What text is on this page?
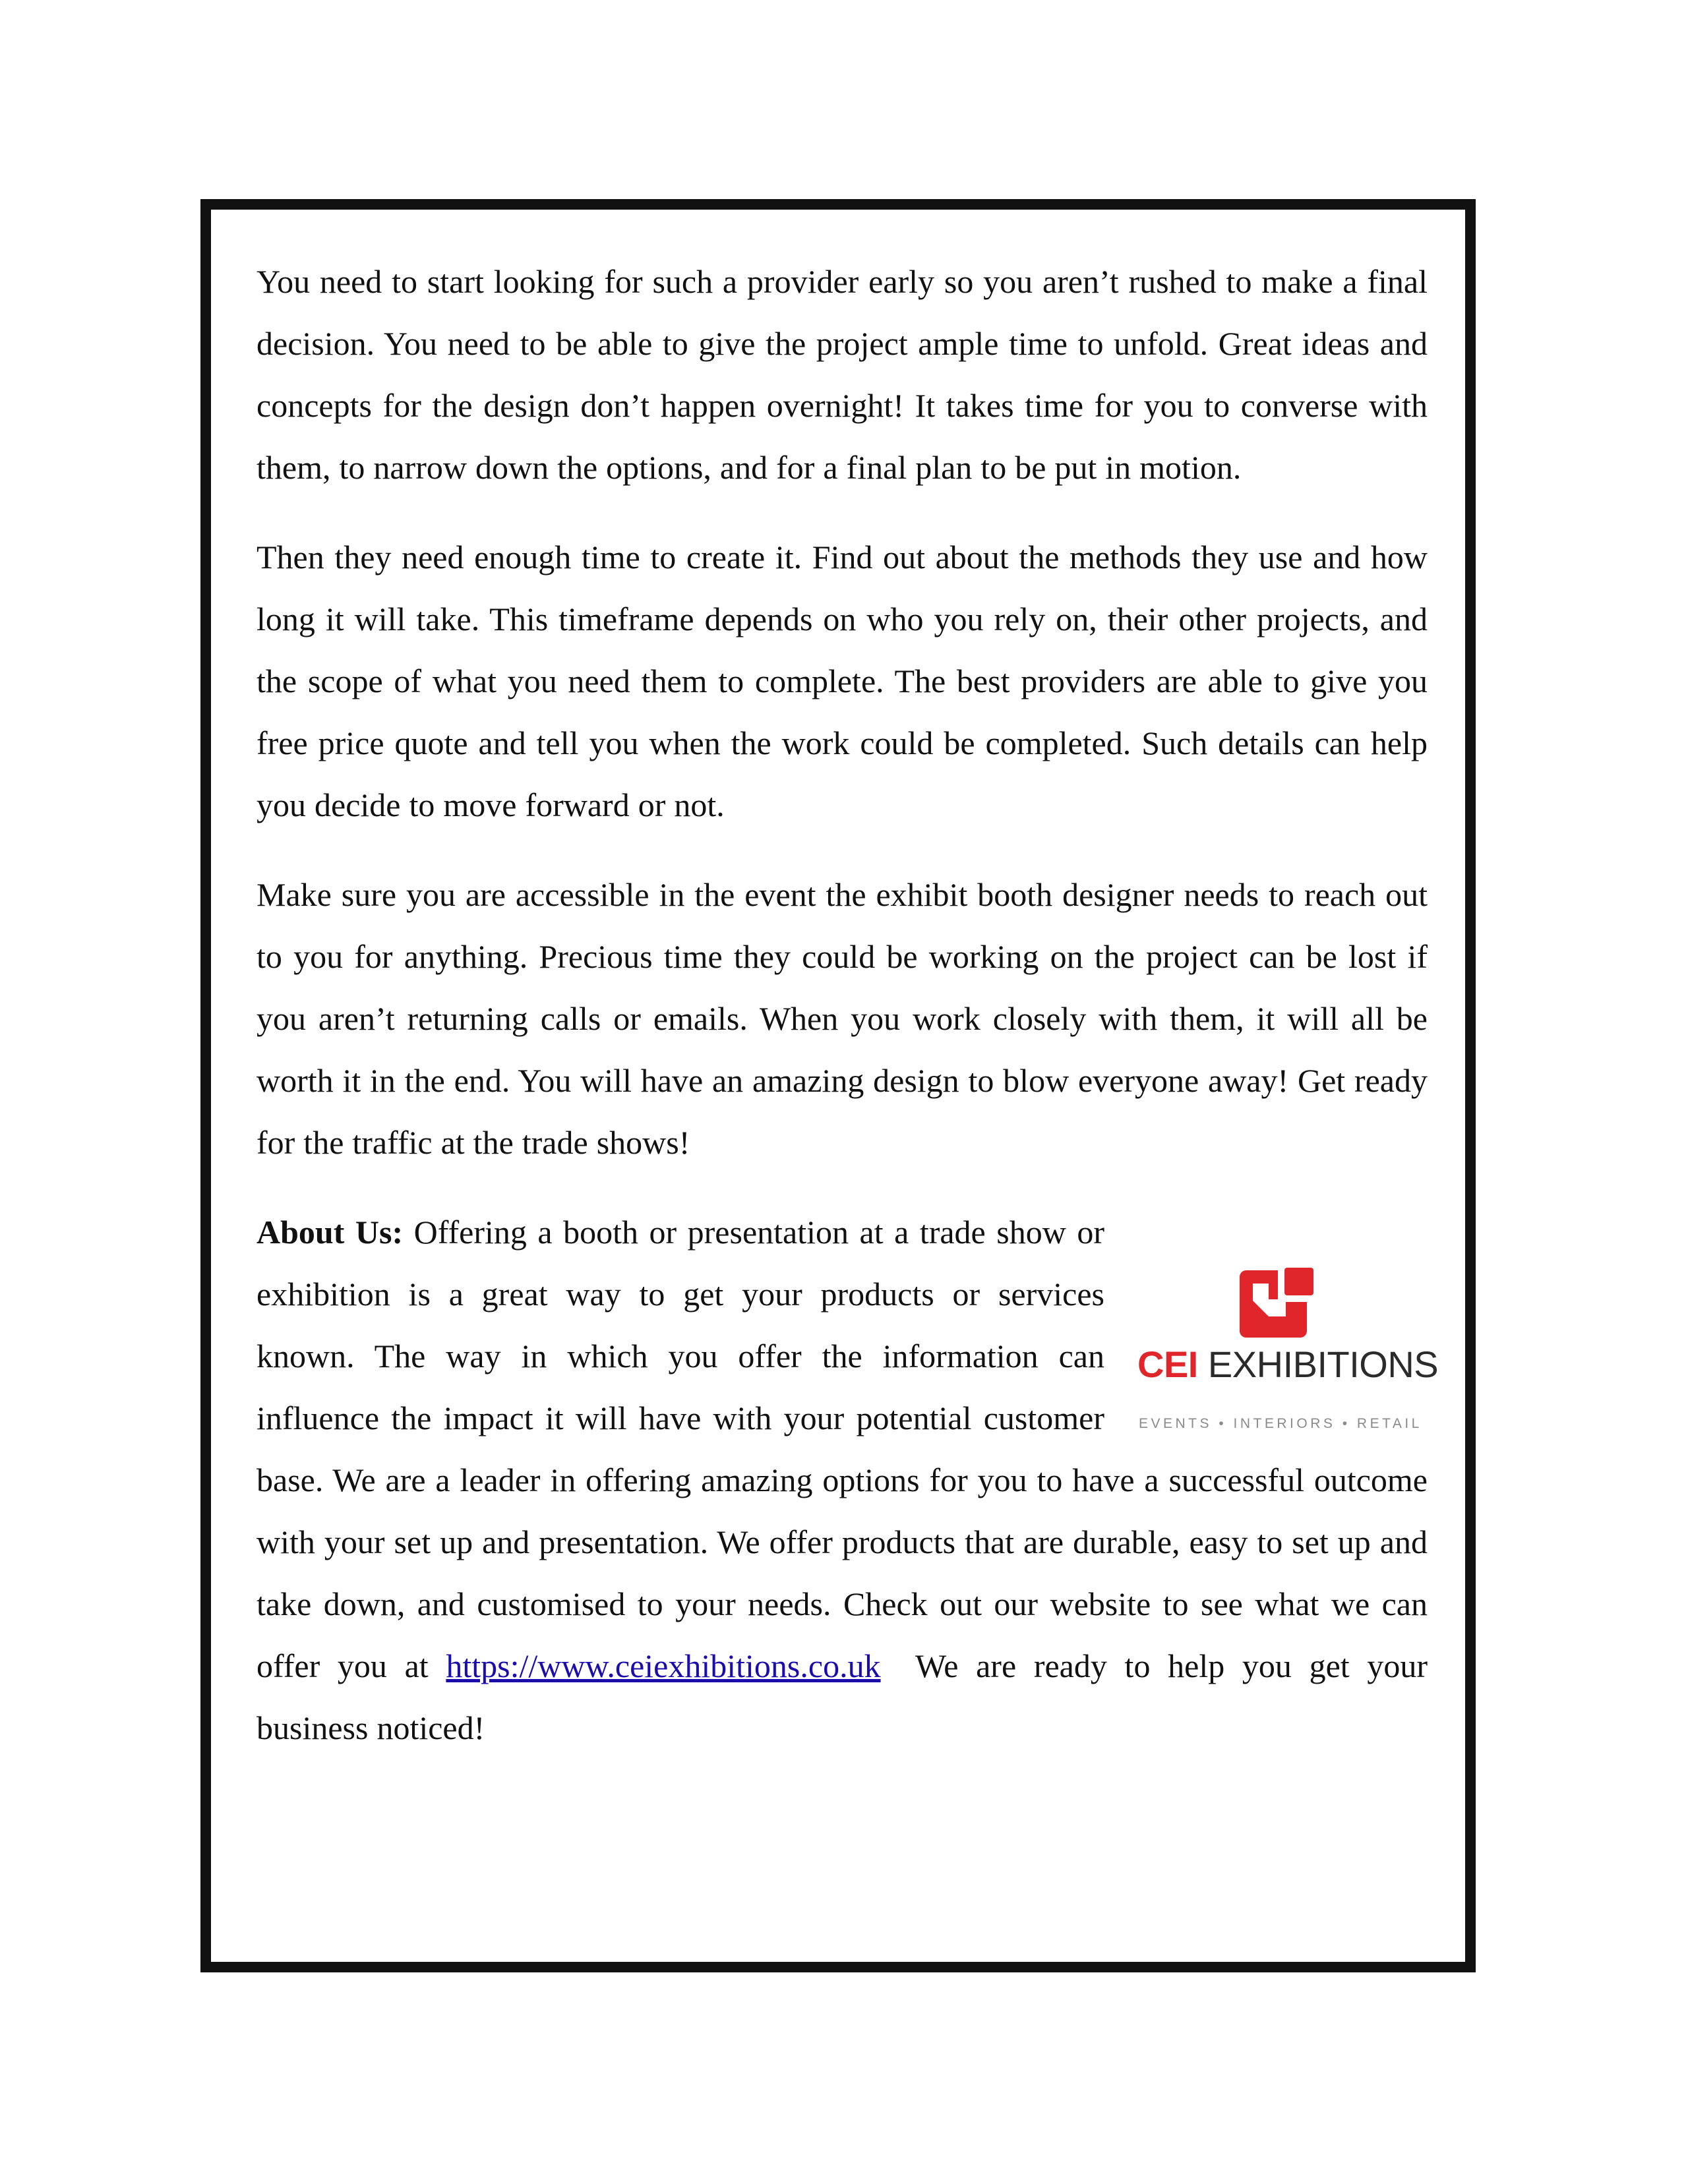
You need to start looking for such a provider early so you aren’t rushed to make a final decision. You need to be able to give the project ample time to unfold. Great ideas and concepts for the design don’t happen overnight! It takes time for you to converse with them, to narrow down the options, and for a final plan to be put in motion.

Then they need enough time to create it. Find out about the methods they use and how long it will take. This timeframe depends on who you rely on, their other projects, and the scope of what you need them to complete. The best providers are able to give you free price quote and tell you when the work could be completed. Such details can help you decide to move forward or not.

Make sure you are accessible in the event the exhibit booth designer needs to reach out to you for anything. Precious time they could be working on the project can be lost if you aren’t returning calls or emails. When you work closely with them, it will all be worth it in the end. You will have an amazing design to blow everyone away! Get ready for the traffic at the trade shows!

CEI EXHIBITIONS
EVENTS • INTERIORS • RETAIL

About Us: Offering a booth or presentation at a trade show or exhibition is a great way to get your products or services known. The way in which you offer the information can influence the impact it will have with your potential customer base. We are a leader in offering amazing options for you to have a successful outcome with your set up and presentation. We offer products that are durable, easy to set up and take down, and customised to your needs. Check out our website to see what we can offer you at https://www.ceiexhibitions.co.uk We are ready to help you get your business noticed!
